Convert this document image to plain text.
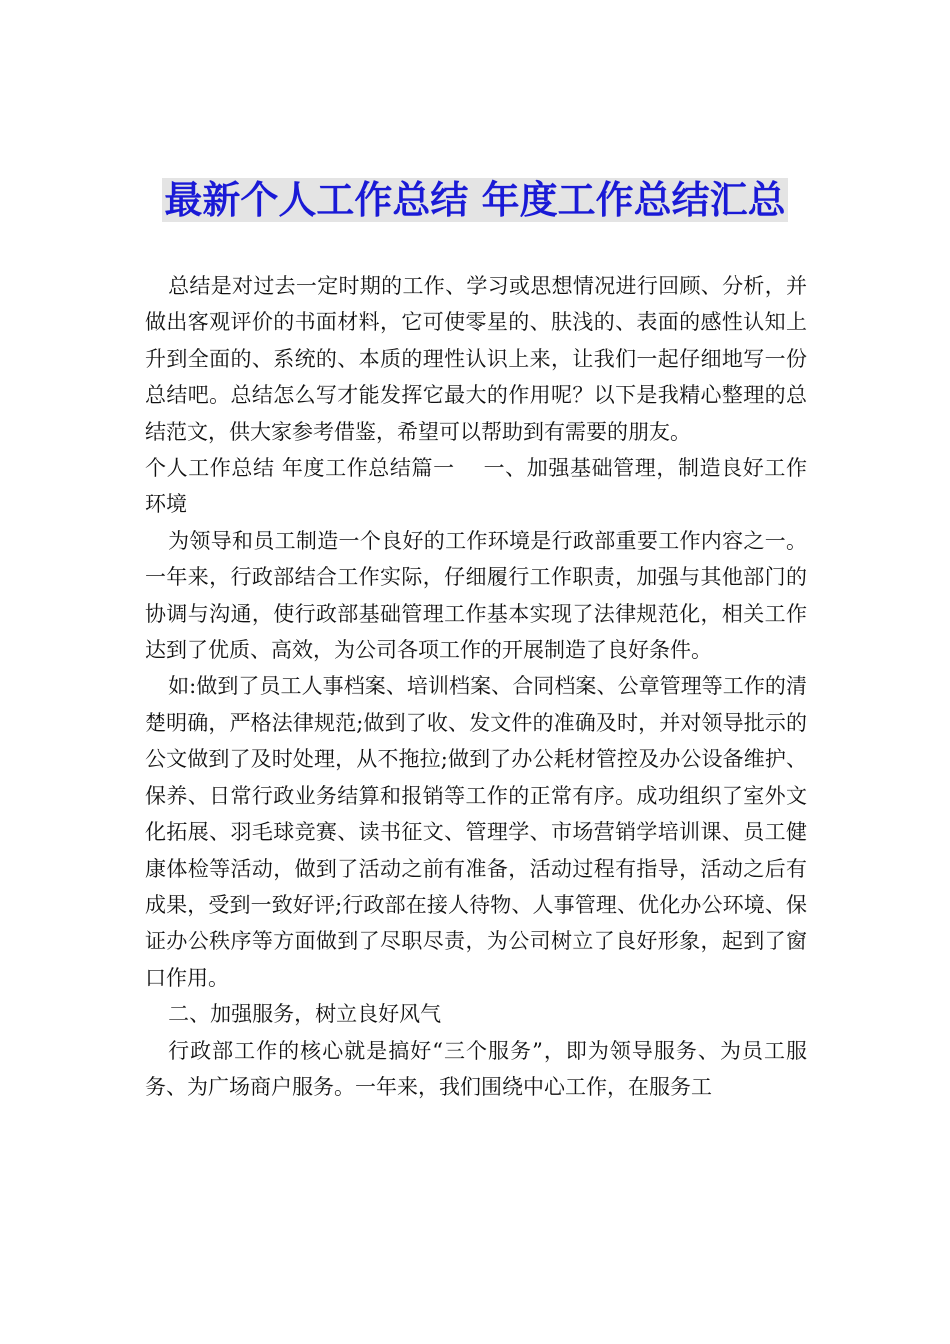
最新个人工作总结 年度工作总结汇总

总结是对过去一定时期的工作、学习或思想情况进行回顾、分析，并做出客观评价的书面材料，它可使零星的、肤浅的、表面的感性认知上升到全面的、系统的、本质的理性认识上来，让我们一起仔细地写一份总结吧。总结怎么写才能发挥它最大的作用呢？以下是我精心整理的总结范文，供大家参考借鉴，希望可以帮助到有需要的朋友。

个人工作总结 年度工作总结篇一　 一、加强基础管理，制造良好工作环境

为领导和员工制造一个良好的工作环境是行政部重要工作内容之一。一年来，行政部结合工作实际，仔细履行工作职责，加强与其他部门的协调与沟通，使行政部基础管理工作基本实现了法律规范化，相关工作达到了优质、高效，为公司各项工作的开展制造了良好条件。

如:做到了员工人事档案、培训档案、合同档案、公章管理等工作的清楚明确，严格法律规范;做到了收、发文件的准确及时，并对领导批示的公文做到了及时处理，从不拖拉;做到了办公耗材管控及办公设备维护、保养、日常行政业务结算和报销等工作的正常有序。成功组织了室外文化拓展、羽毛球竞赛、读书征文、管理学、市场营销学培训课、员工健康体检等活动，做到了活动之前有准备，活动过程有指导，活动之后有成果，受到一致好评;行政部在接人待物、人事管理、优化办公环境、保证办公秩序等方面做到了尽职尽责，为公司树立了良好形象，起到了窗口作用。

二、加强服务，树立良好风气

行政部工作的核心就是搞好“三个服务”，即为领导服务、为员工服务、为广场商户服务。一年来，我们围绕中心工作，在服务工
